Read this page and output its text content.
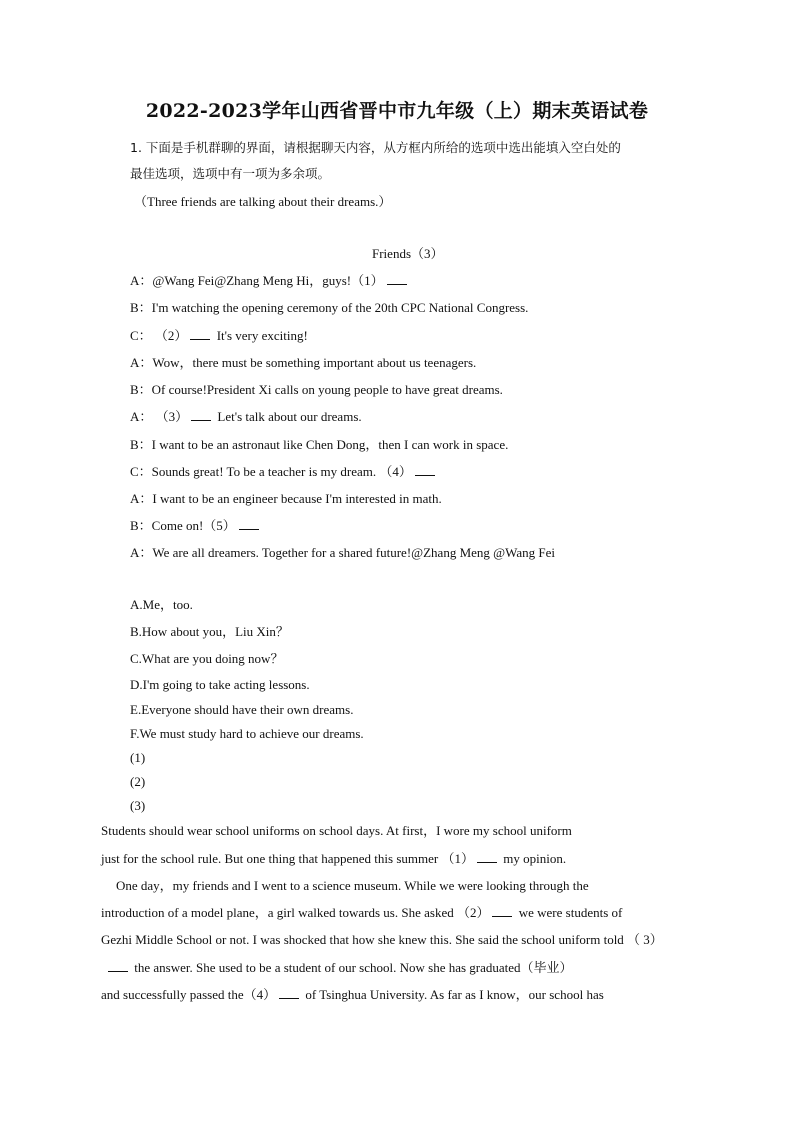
2022-2023学年山西省晋中市九年级（上）期末英语试卷
1. 下面是手机群聊的界面，请根据聊天内容，从方框内所给的选项中选出能填入空白处的
最佳选项，选项中有一项为多余项。
（Three friends are talking about their dreams.）
Friends（3）
A：@Wang Fei@Zhang Meng Hi，guys!（1）
B：I'm watching the opening ceremony of the 20th CPC National Congress.
C： （2） It's very exciting!
A：Wow，there must be something important about us teenagers.
B：Of course!President Xi calls on young people to have great dreams.
A： （3） Let's talk about our dreams.
B：I want to be an astronaut like Chen Dong，then I can work in space.
C：Sounds great! To be a teacher is my dream. （4）
A：I want to be an engineer because I'm interested in math.
B：Come on!（5）
A：We are all dreamers. Together for a shared future!@Zhang Meng @Wang Fei
A.Me，too.
B.How about you，Liu Xin？
C.What are you doing now？
D.I'm going to take acting lessons.
E.Everyone should have their own dreams.
F.We must study hard to achieve our dreams.
(1)
(2)
(3)
Students should wear school uniforms on school days. At first，I wore my school uniform
just for the school rule. But one thing that happened this summer （1） my opinion.
One day，my friends and I went to a science museum. While we were looking through the
introduction of a model plane，a girl walked towards us. She asked （2） we were students of
Gezhi Middle School or not. I was shocked that how she knew this. She said the school uniform told （ 3）
the answer. She used to be a student of our school. Now she has graduated（毕业）
and successfully passed the（4） of Tsinghua University. As far as I know，our school has
